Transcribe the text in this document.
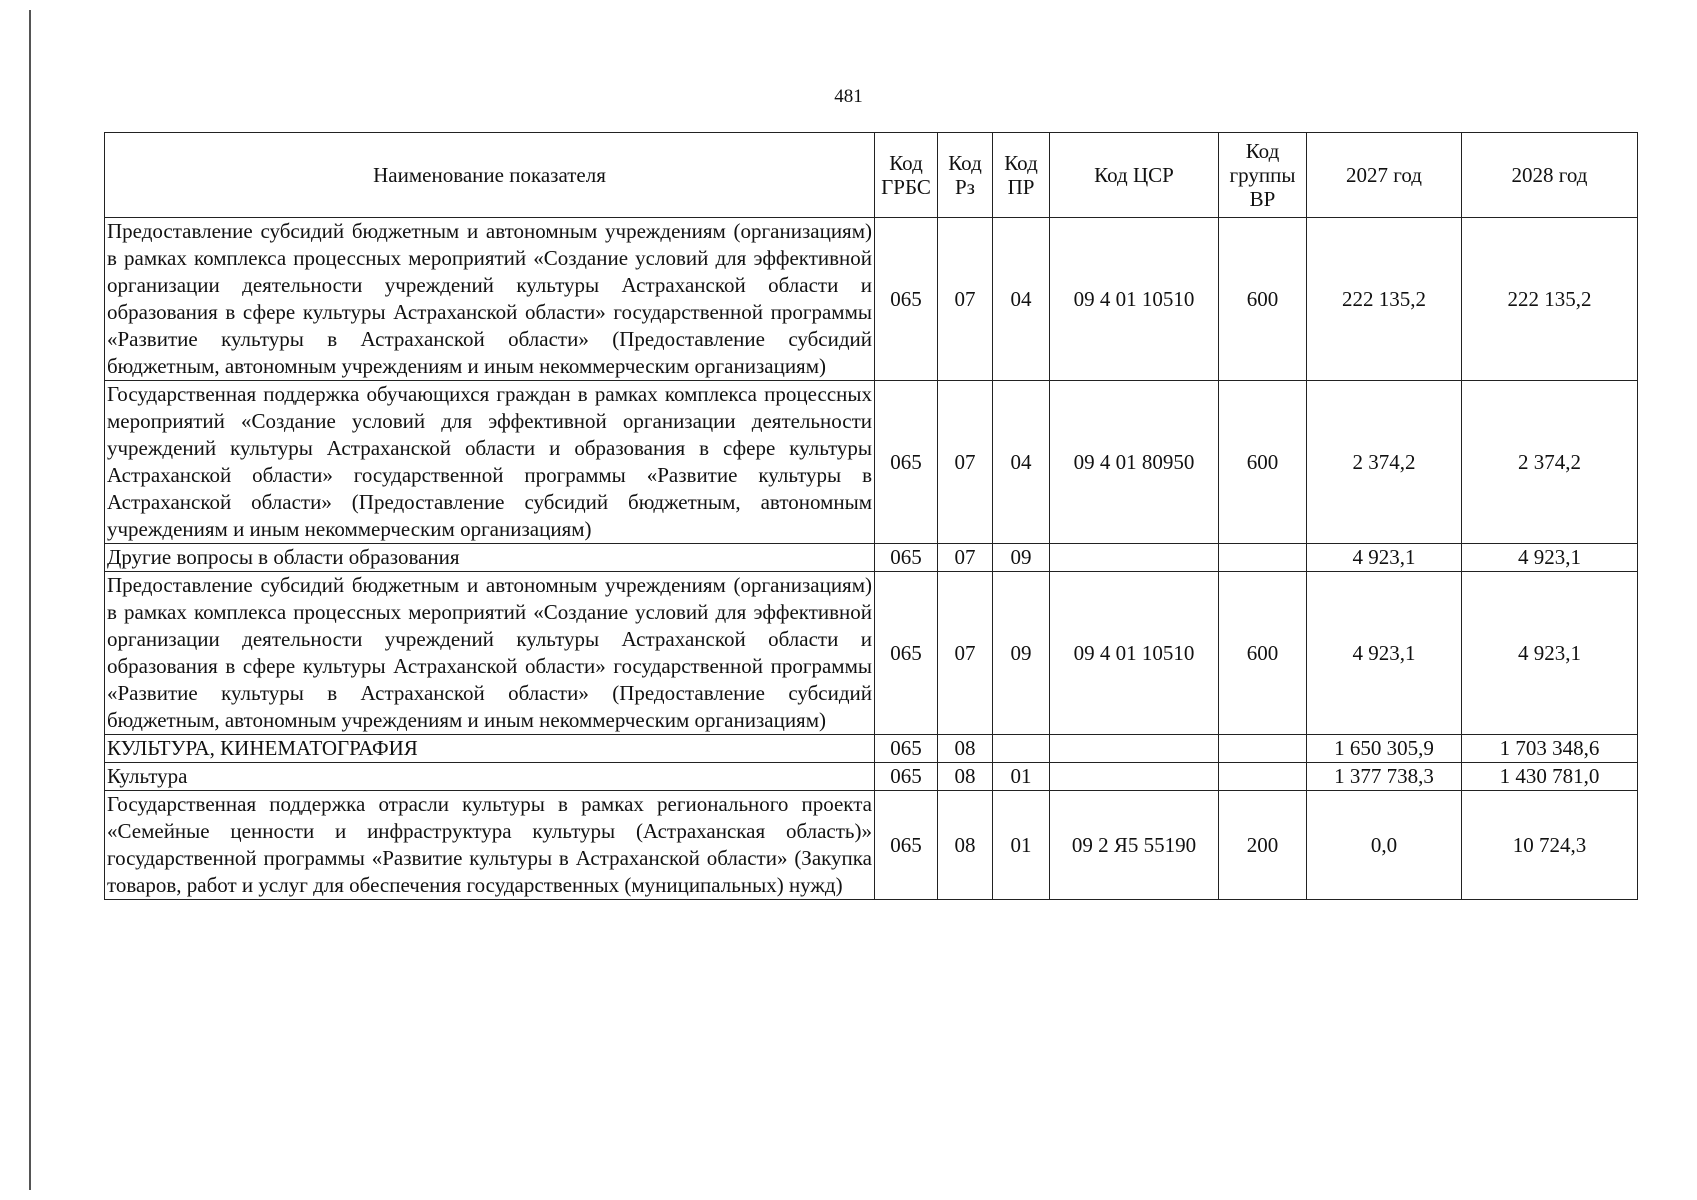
481
Наименование показателя	Код ГРБС	Код Рз	Код ПР	Код ЦСР	Код группы ВР	2027 год	2028 год
Предоставление субсидий бюджетным и автономным учреждениям (организациям) в рамках комплекса процессных мероприятий «Создание условий для эффективной организации деятельности учреждений культуры Астраханской области и образования в сфере культуры Астраханской области» государственной программы «Развитие культуры в Астраханской области» (Предоставление субсидий бюджетным, автономным учреждениям и иным некоммерческим организациям)	065	07	04	09 4 01 10510	600	222 135,2	222 135,2
Государственная поддержка обучающихся граждан в рамках комплекса процессных мероприятий «Создание условий для эффективной организации деятельности учреждений культуры Астраханской области и образования в сфере культуры Астраханской области» государственной программы «Развитие культуры в Астраханской области» (Предоставление субсидий бюджетным, автономным учреждениям и иным некоммерческим организациям)	065	07	04	09 4 01 80950	600	2 374,2	2 374,2
Другие вопросы в области образования	065	07	09			4 923,1	4 923,1
Предоставление субсидий бюджетным и автономным учреждениям (организациям) в рамках комплекса процессных мероприятий «Создание условий для эффективной организации деятельности учреждений культуры Астраханской области и образования в сфере культуры Астраханской области» государственной программы «Развитие культуры в Астраханской области» (Предоставление субсидий бюджетным, автономным учреждениям и иным некоммерческим организациям)	065	07	09	09 4 01 10510	600	4 923,1	4 923,1
КУЛЬТУРА, КИНЕМАТОГРАФИЯ	065	08				1 650 305,9	1 703 348,6
Культура	065	08	01			1 377 738,3	1 430 781,0
Государственная поддержка отрасли культуры в рамках регионального проекта «Семейные ценности и инфраструктура культуры (Астраханская область)» государственной программы «Развитие культуры в Астраханской области» (Закупка товаров, работ и услуг для обеспечения государственных (муниципальных) нужд)	065	08	01	09 2 Я5 55190	200	0,0	10 724,3
